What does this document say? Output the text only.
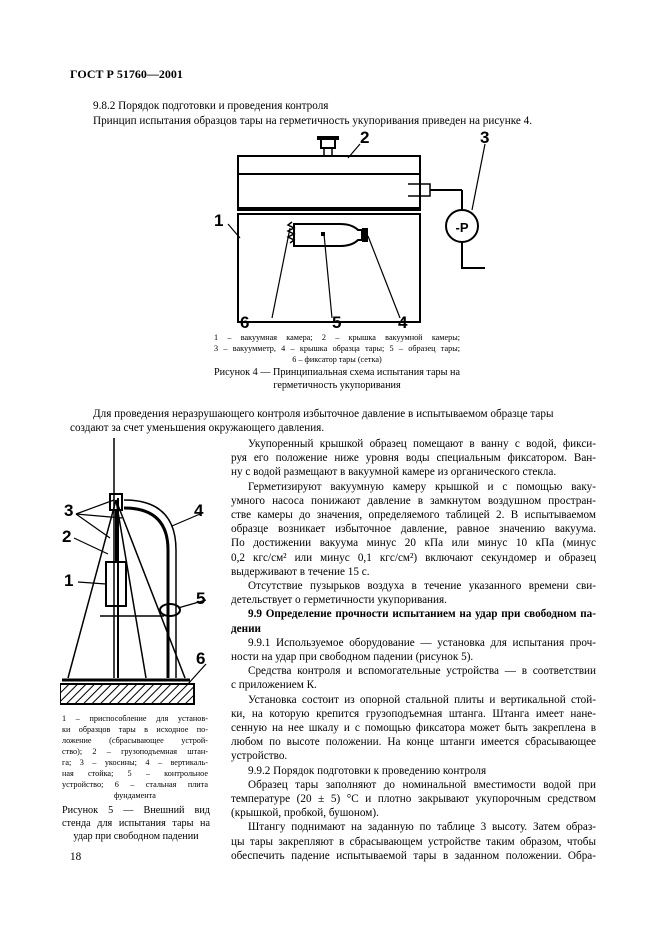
ГОСТ Р 51760—2001
9.8.2 Порядок подготовки и проведения контроля
Принцип испытания образцов тары на герметичность укупоривания приведен на рисунке 4.
-P
2	3
1
6	5	4
1 – вакуумная камера; 2 – крышка вакуумной камеры;
3 – вакуумметр, 4 – крышка образца тары; 5 – образец тары;
6 – фиксатор тары (сетка)
Рисунок 4 — Принципиальная схема испытания тары на
герметичность укупоривания
Для проведения неразрушающего контроля избыточное давление в испытываемом образце тары
создают за счет уменьшения окружающего давления.
3
2
1
4
5
6
1 – приспособление для установ-
ки образцов тары в исходное по-
ложение (сбрасывающее устрой-
ство); 2 – грузоподъемная штан-
га; 3 – укосины; 4 – вертикаль-
ная стойка; 5 – контрольное
устройство; 6 – стальная плита
фундамента
Рисунок 5 — Внешний вид
стенда для испытания тары на
удар при свободном падении
Укупоренный крышкой образец помещают в ванну с водой, фикси-
руя его положение ниже уровня воды специальным фиксатором. Ван-
ну с водой размещают в вакуумной камере из органического стекла.
Герметизируют вакуумную камеру крышкой и с помощью ваку-
умного насоса понижают давление в замкнутом воздушном простран-
стве камеры до значения, определяемого таблицей 2. В испытываемом
образце возникает избыточное давление, равное значению вакуума.
По достижении вакуума минус 20 кПа или минус 10 кПа (минус
0,2 кгс/см² или минус 0,1 кгс/см²) включают секундомер и образец
выдерживают в течение 15 с.
Отсутствие пузырьков воздуха в течение указанного времени сви-
детельствует о герметичности укупоривания.
9.9 Определение прочности испытанием на удар при свободном па-
дении
9.9.1 Используемое оборудование — установка для испытания проч-
ности на удар при свободном падении (рисунок 5).
Средства контроля и вспомогательные устройства — в соответствии
с приложением К.
Установка состоит из опорной стальной плиты и вертикальной стой-
ки, на которую крепится грузоподъемная штанга. Штанга имеет нане-
сенную на нее шкалу и с помощью фиксатора может быть закреплена в
любом по высоте положении. На конце штанги имеется сбрасывающее
устройство.
9.9.2 Порядок подготовки к проведению контроля
Образец тары заполняют до номинальной вместимости водой при
температуре (20 ± 5) °С и плотно закрывают укупорочным средством
(крышкой, пробкой, бушоном).
Штангу поднимают на заданную по таблице 3 высоту. Затем образ-
цы тары закрепляют в сбрасывающем устройстве таким образом, чтобы
обеспечить падение испытываемой тары в заданном положении. Обра-
18
